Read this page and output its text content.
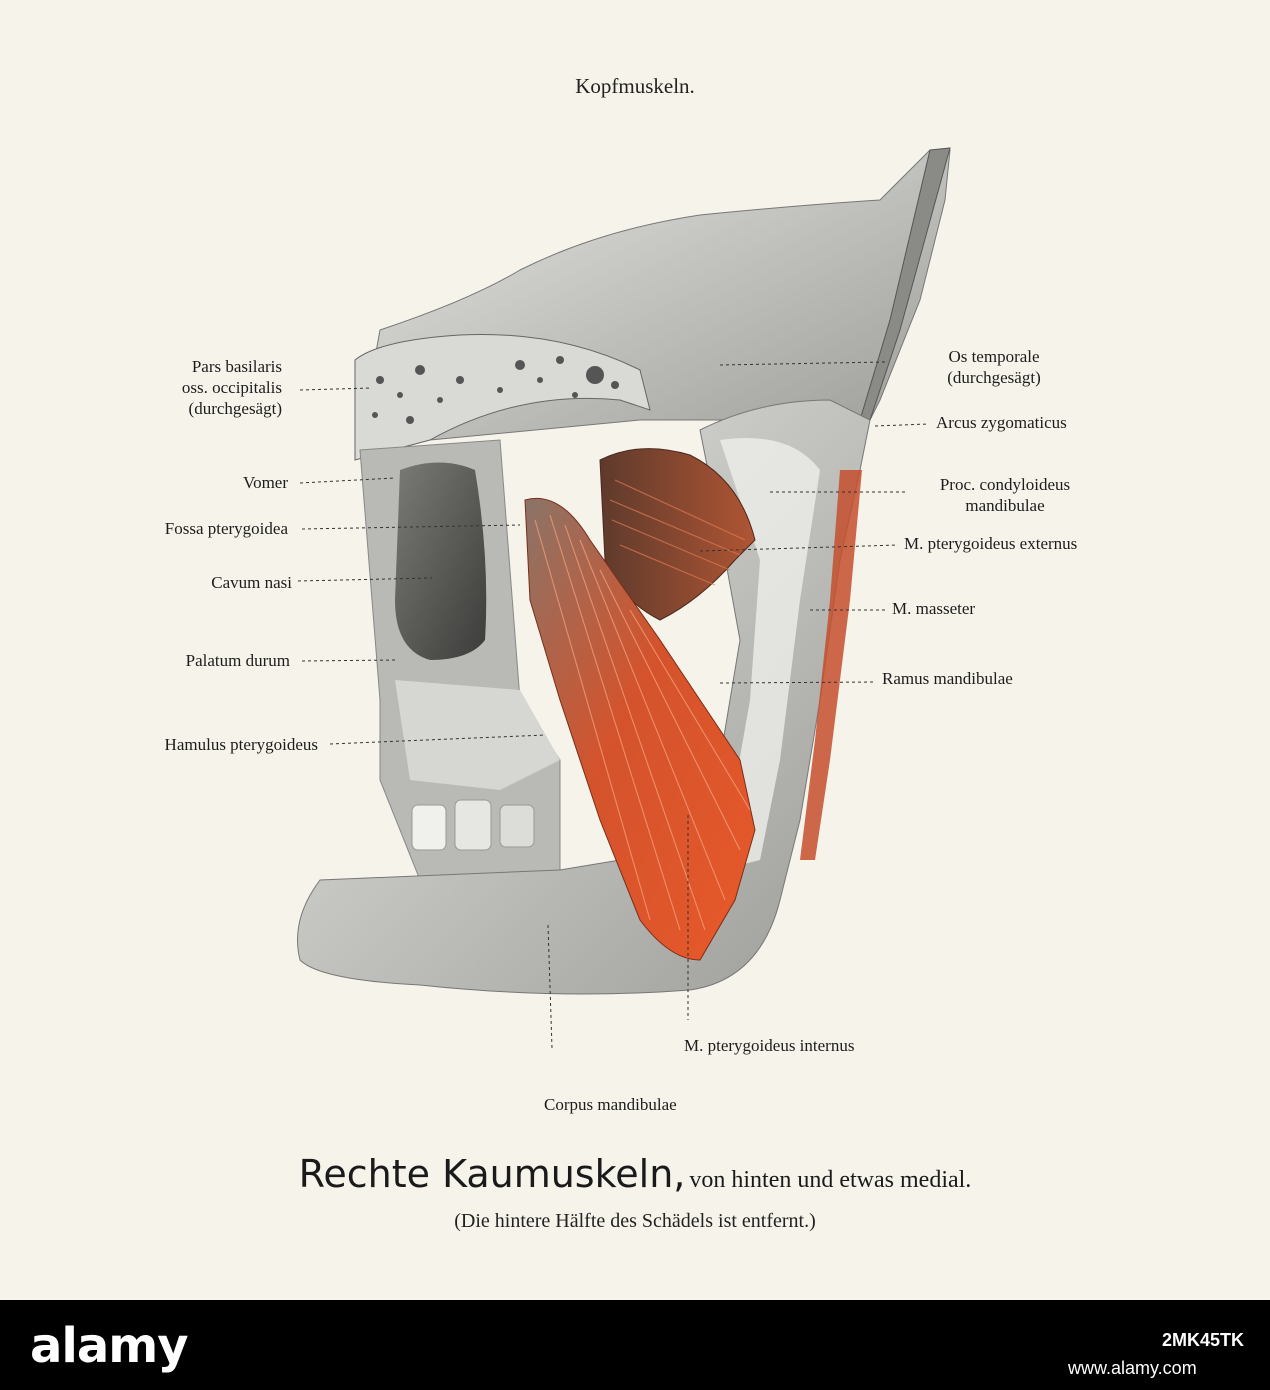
Kopfmuskeln.
Pars basilaris
oss. occipitalis
(durchgesägt)
Vomer
Fossa pterygoidea
Cavum nasi
Palatum durum
Hamulus pterygoideus
Os temporale
(durchgesägt)
Arcus zygomaticus
Proc. condyloideus
mandibulae
M. pterygoideus externus
M. masseter
Ramus mandibulae
M. pterygoideus internus
Corpus mandibulae
Rechte Kaumuskeln, von hinten und etwas medial.
(Die hintere Hälfte des Schädels ist entfernt.)
alamy	2MK45TK
www.alamy.com
